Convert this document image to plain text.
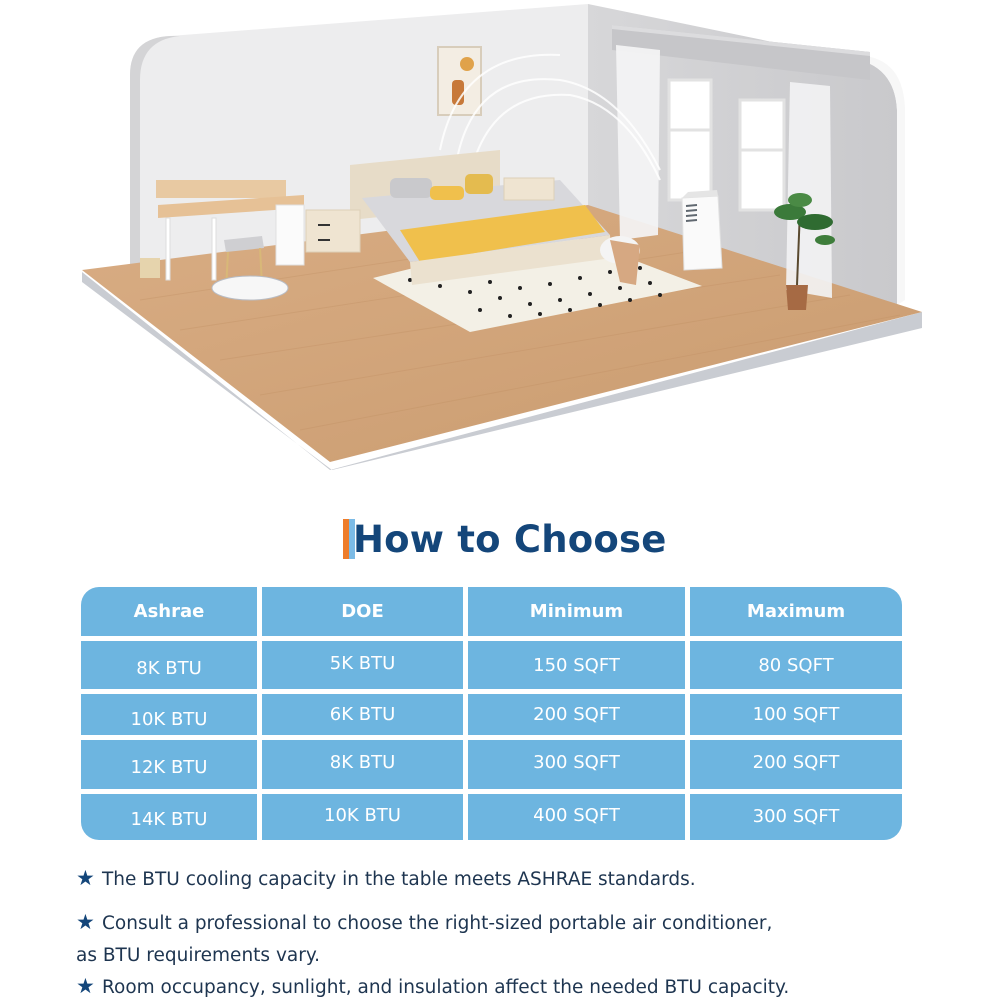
How to Choose
Ashrae	DOE	Minimum	Maximum
8K BTU	5K BTU	150 SQFT	80 SQFT
10K BTU	6K BTU	200 SQFT	100 SQFT
12K BTU	8K BTU	300 SQFT	200 SQFT
14K BTU	10K BTU	400 SQFT	300 SQFT
★ The BTU cooling capacity in the table meets ASHRAE standards.
★ Consult a professional to choose the right-sized portable air conditioner,
as BTU requirements vary.
★ Room occupancy, sunlight, and insulation affect the needed BTU capacity.
